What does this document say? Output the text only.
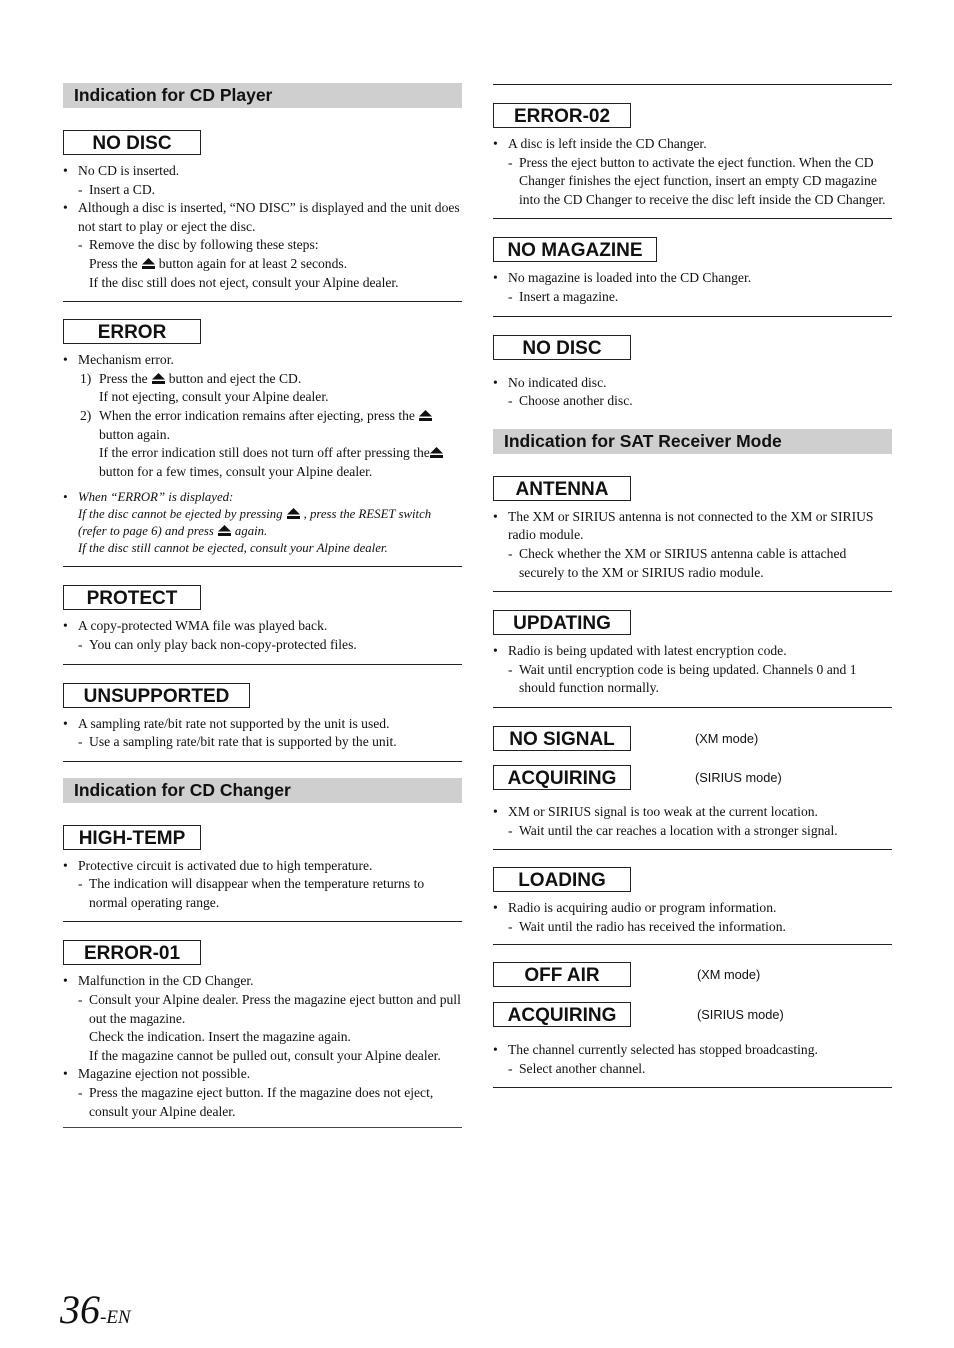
Indication for CD Player
NO DISC

• No CD is inserted.

- Insert a CD.

• Although a disc is inserted, “NO DISC” is displayed and the unit does not start to play or eject the disc.

- Remove the disc by following these steps:

Press the button again for at least 2 seconds.

If the disc still does not eject, consult your Alpine dealer.

ERROR

• Mechanism error.

1) Press the button and eject the CD.

If not ejecting, consult your Alpine dealer.

2) When the error indication remains after ejecting, press thebutton again.

If the error indication still does not turn off after pressing thebutton for a few times, consult your Alpine dealer.

• When “ERROR” is displayed:

If the disc cannot be ejected by pressing , press the RESET switch (refer to page 6) and press again.

If the disc still cannot be ejected, consult your Alpine dealer.

PROTECT

• A copy-protected WMA file was played back.

- You can only play back non-copy-protected files.

UNSUPPORTED

• A sampling rate/bit rate not supported by the unit is used.

- Use a sampling rate/bit rate that is supported by the unit.

Indication for CD Changer
HIGH-TEMP

• Protective circuit is activated due to high temperature.

- The indication will disappear when the temperature returns to normal operating range.

ERROR-01

• Malfunction in the CD Changer.

- Consult your Alpine dealer. Press the magazine eject button and pull out the magazine.

Check the indication. Insert the magazine again.

If the magazine cannot be pulled out, consult your Alpine dealer.

• Magazine ejection not possible.

- Press the magazine eject button. If the magazine does not eject, consult your Alpine dealer.

ERROR-02

• A disc is left inside the CD Changer.

- Press the eject button to activate the eject function. When the CD Changer finishes the eject function, insert an empty CD magazine into the CD Changer to receive the disc left inside the CD Changer.

NO MAGAZINE

• No magazine is loaded into the CD Changer.

- Insert a magazine.

NO DISC

• No indicated disc.

- Choose another disc.

Indication for SAT Receiver Mode
ANTENNA

• The XM or SIRIUS antenna is not connected to the XM or SIRIUS radio module.

- Check whether the XM or SIRIUS antenna cable is attached securely to the XM or SIRIUS radio module.

UPDATING

• Radio is being updated with latest encryption code.

- Wait until encryption code is being updated. Channels 0 and 1 should function normally.

NO SIGNAL	(XM mode)
ACQUIRING	(SIRIUS mode)

• XM or SIRIUS signal is too weak at the current location.

- Wait until the car reaches a location with a stronger signal.

LOADING

• Radio is acquiring audio or program information.

- Wait until the radio has received the information.

OFF AIR	(XM mode)
ACQUIRING	(SIRIUS mode)

• The channel currently selected has stopped broadcasting.

- Select another channel.

36-EN
